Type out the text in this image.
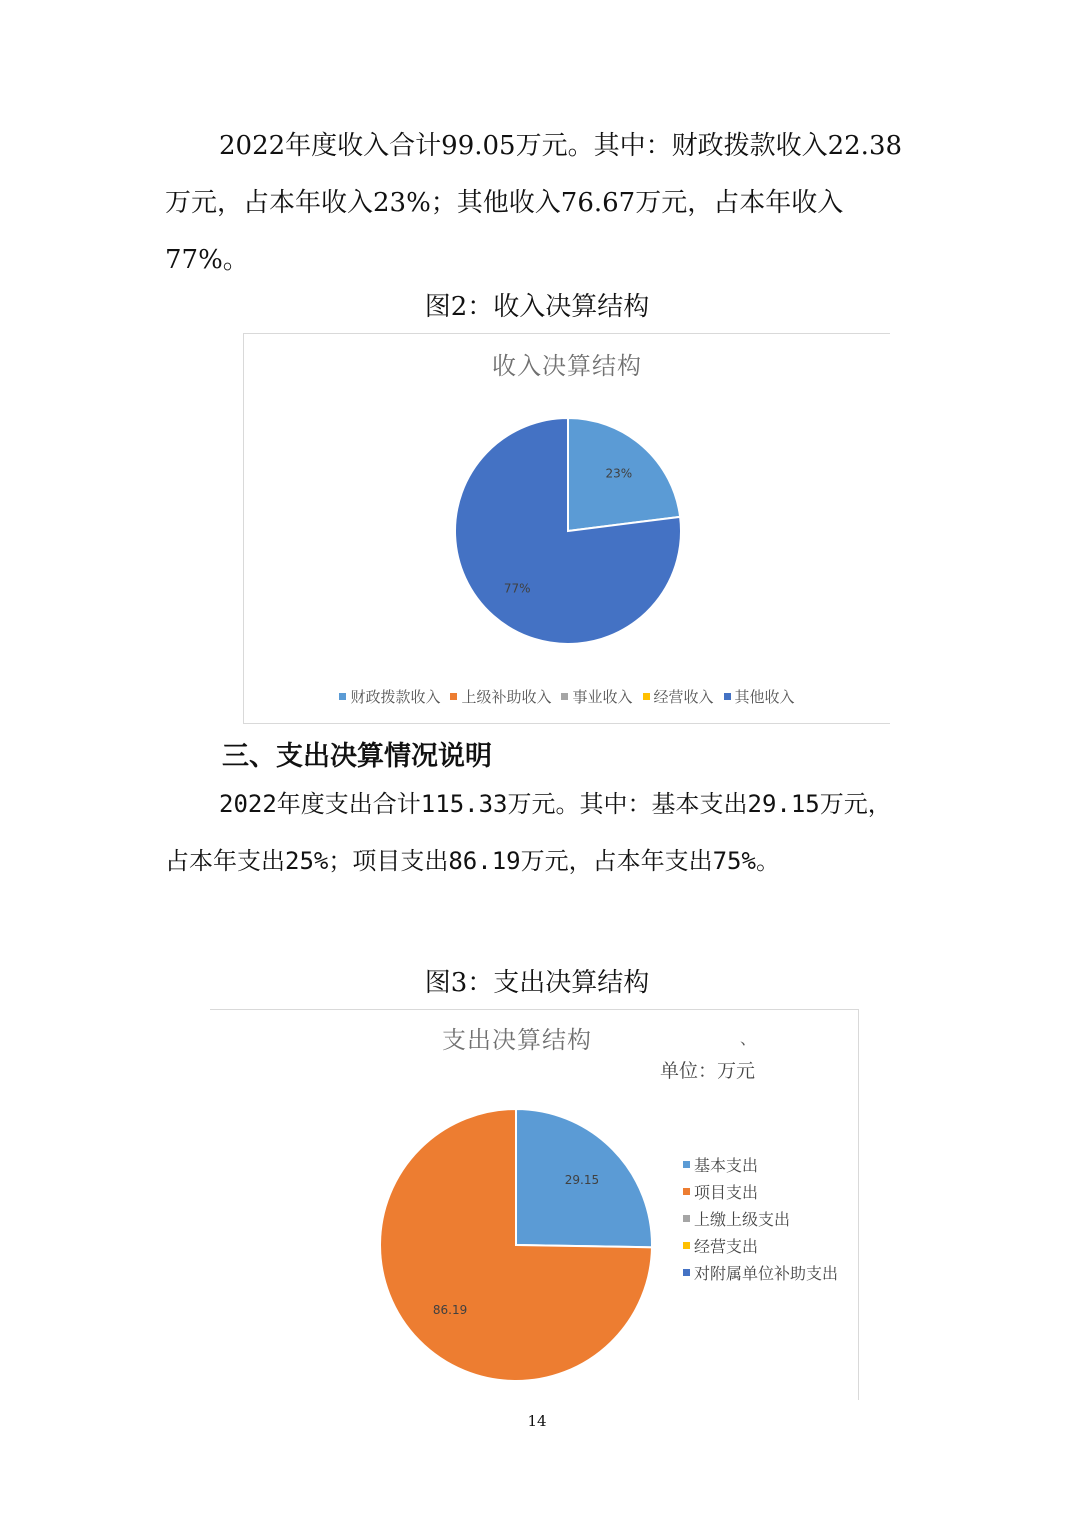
2022年度收入合计99.05万元。其中：财政拨款收入22.38万元，占本年收入23%；其他收入76.67万元，占本年收入77%。

图2：收入决算结构

收入决算结构

23%
77%
财政拨款收入 上级补助收入 事业收入 经营收入 其他收入
三、支出决算情况说明

2022年度支出合计115.33万元。其中：基本支出29.15万元，占本年支出25%；项目支出86.19万元，占本年支出75%。

图3：支出决算结构

支出决算结构	、
单位：万元
29.15
86.19
基本支出
项目支出
上缴上级支出
经营支出
对附属单位补助支出

14
